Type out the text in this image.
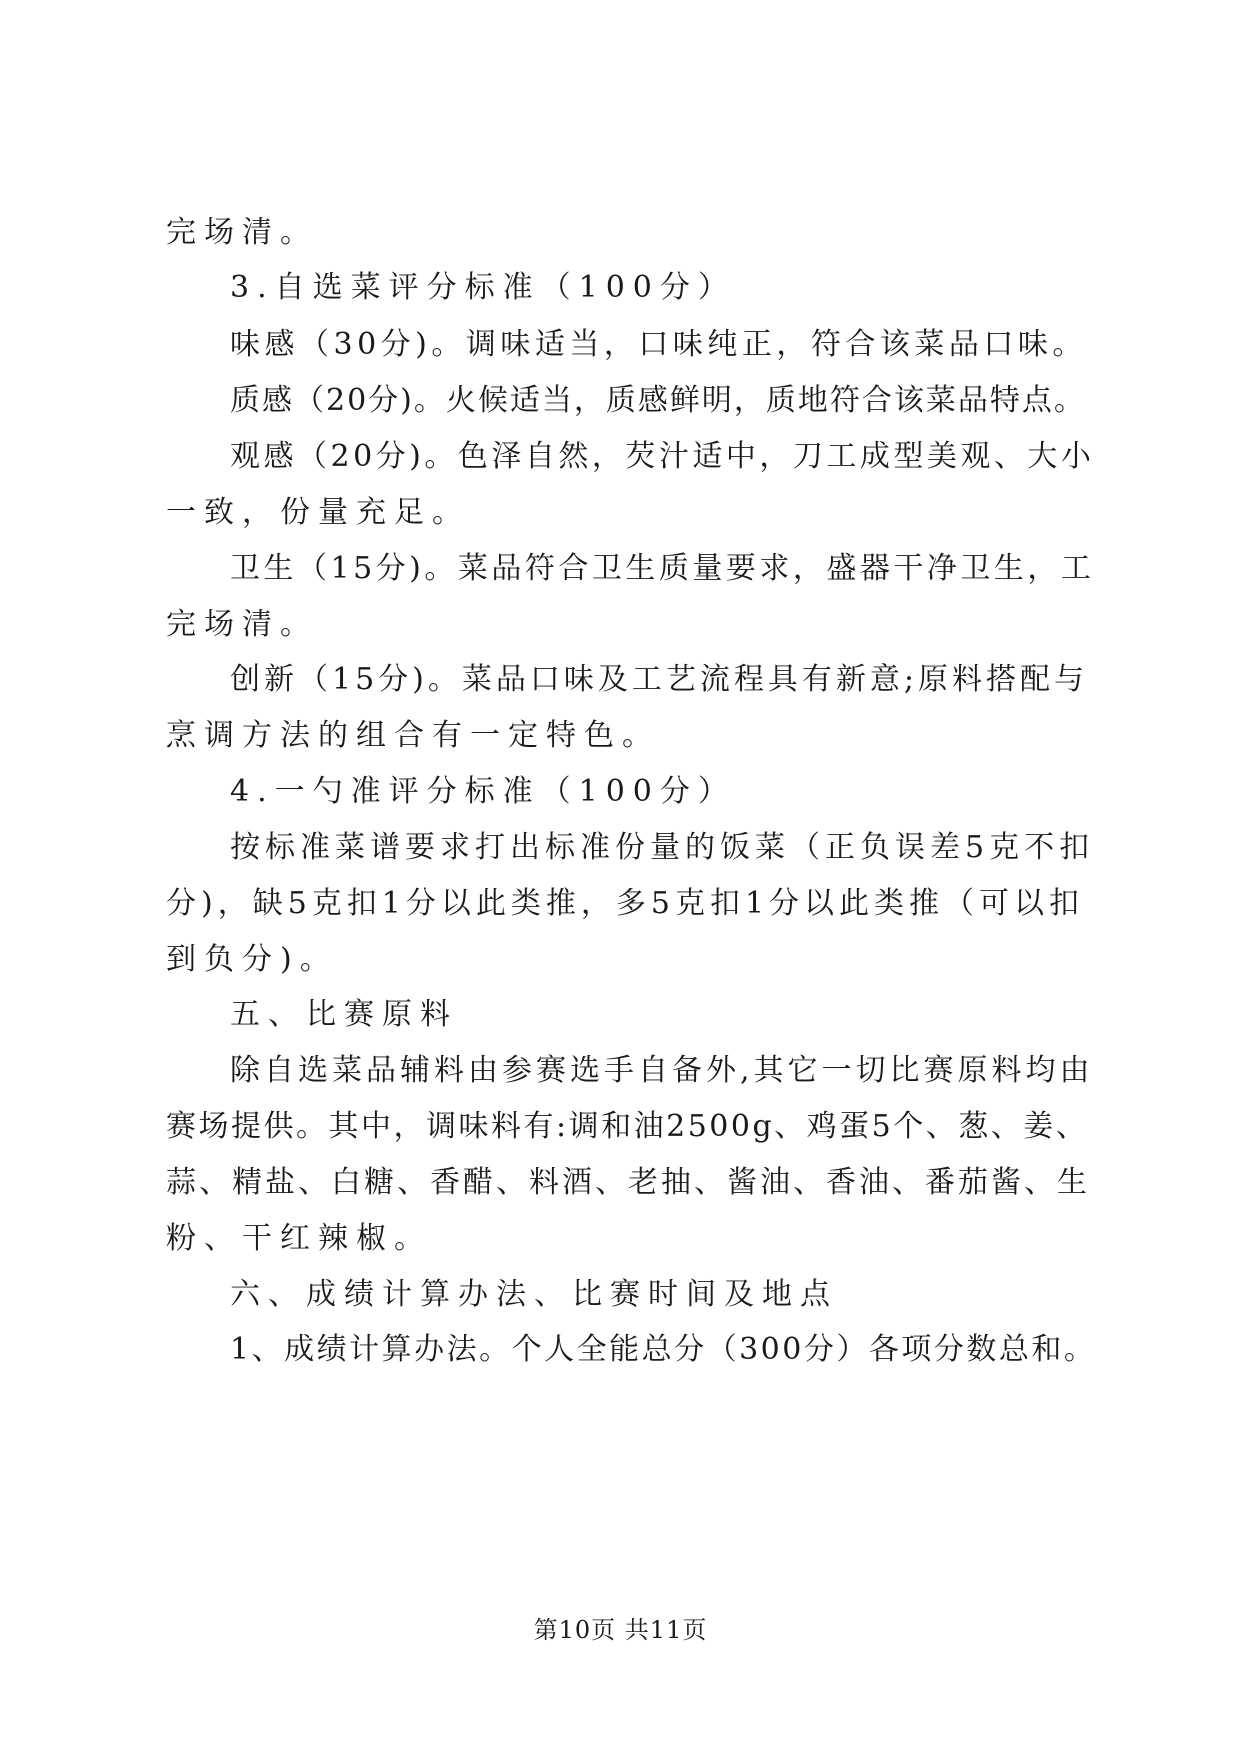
完场清。
3.自选菜评分标准（100分）
味感（30分)。调味适当，口味纯正，符合该菜品口味。
质感（20分)。火候适当，质感鲜明，质地符合该菜品特点。
观感（20分)。色泽自然，芡汁适中，刀工成型美观、大小
一致，份量充足。
卫生（15分)。菜品符合卫生质量要求，盛器干净卫生，工
完场清。
创新（15分)。菜品口味及工艺流程具有新意;原料搭配与
烹调方法的组合有一定特色。
4.一勺准评分标准（100分）
按标准菜谱要求打出标准份量的饭菜（正负误差5克不扣
分)，缺5克扣1分以此类推，多5克扣1分以此类推（可以扣
到负分)。
五、比赛原料
除自选菜品辅料由参赛选手自备外,其它一切比赛原料均由
赛场提供。其中，调味料有:调和油2500g、鸡蛋5个、葱、姜、
蒜、精盐、白糖、香醋、料酒、老抽、酱油、香油、番茄酱、生
粉、干红辣椒。
六、成绩计算办法、比赛时间及地点
1、成绩计算办法。个人全能总分（300分）各项分数总和。
第10页 共11页
